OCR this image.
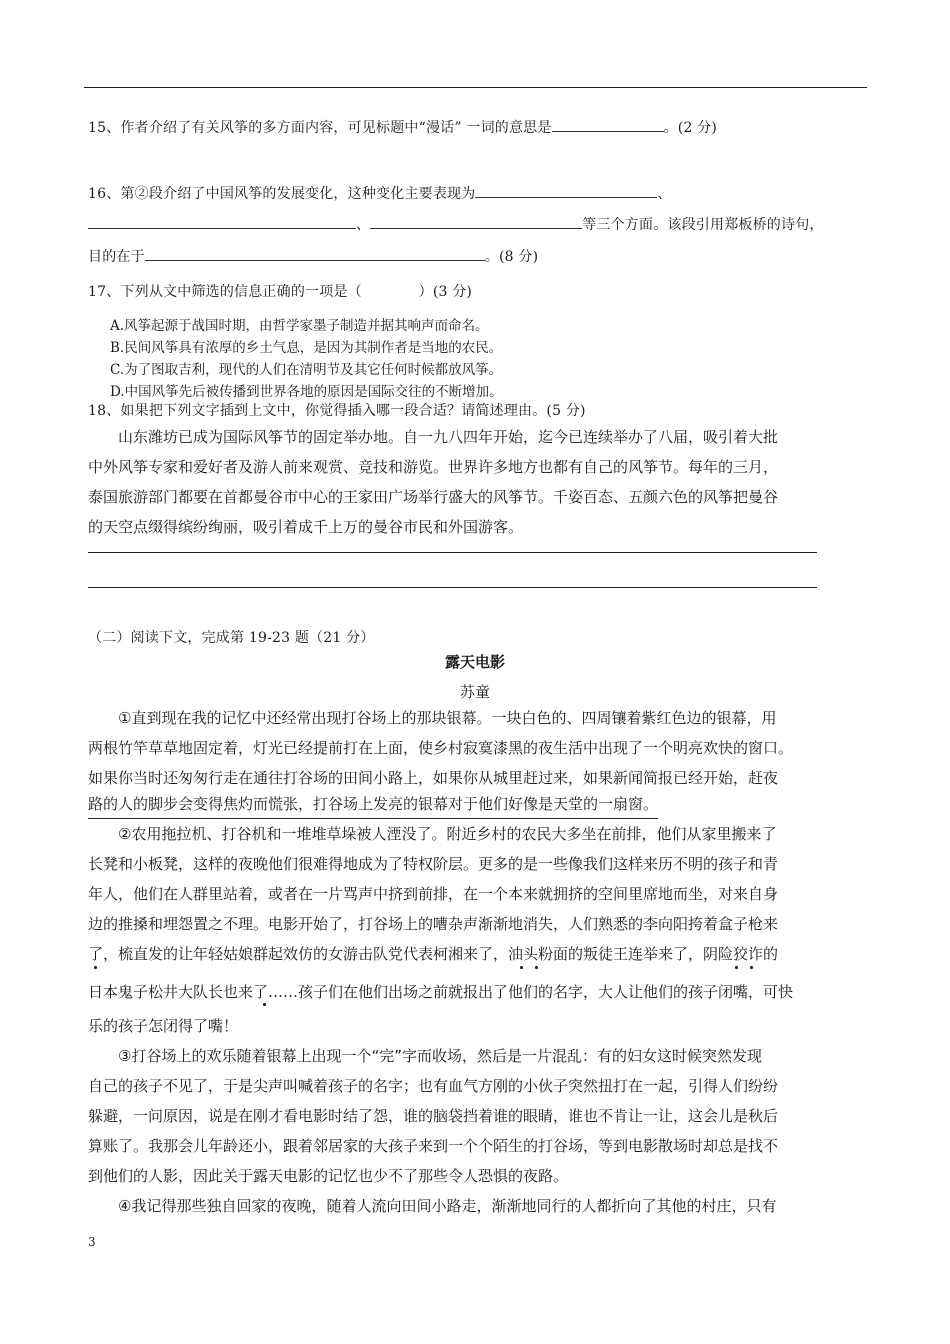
15、作者介绍了有关风筝的多方面内容，可见标题中“漫话” 一词的意思是	。(2 分)
16、第②段介绍了中国风筝的发展变化，这种变化主要表现为	、
、	等三个方面。该段引用郑板桥的诗句，
目的在于	。(8 分)
17、下列从文中筛选的信息正确的一项是（　　　　）(3 分)
A.风筝起源于战国时期，由哲学家墨子制造并据其响声而命名。
B.民间风筝具有浓厚的乡土气息，是因为其制作者是当地的农民。
C.为了图取吉利，现代的人们在清明节及其它任何时候都放风筝。
D.中国风筝先后被传播到世界各地的原因是国际交往的不断增加。
18、如果把下列文字插到上文中，你觉得插入哪一段合适？请简述理由。(5 分)
山东潍坊已成为国际风筝节的固定举办地。自一九八四年开始，迄今已连续举办了八届，吸引着大批
中外风筝专家和爱好者及游人前来观赏、竞技和游览。世界许多地方也都有自己的风筝节。每年的三月，
泰国旅游部门都要在首都曼谷市中心的王家田广场举行盛大的风筝节。千姿百态、五颜六色的风筝把曼谷
的天空点缀得缤纷绚丽，吸引着成千上万的曼谷市民和外国游客。
（二）阅读下文，完成第 19-23 题（21 分）
露天电影
苏童
①直到现在我的记忆中还经常出现打谷场上的那块银幕。一块白色的、四周镶着紫红色边的银幕，用
两根竹竿草草地固定着，灯光已经提前打在上面，使乡村寂寞漆黑的夜生活中出现了一个明亮欢快的窗口。
如果你当时还匆匆行走在通往打谷场的田间小路上，如果你从城里赶过来，如果新闻简报已经开始，赶夜
路的人的脚步会变得焦灼而慌张，打谷场上发亮的银幕对于他们好像是天堂的一扇窗。
②农用拖拉机、打谷机和一堆堆草垛被人湮没了。附近乡村的农民大多坐在前排，他们从家里搬来了
长凳和小板凳，这样的夜晚他们很难得地成为了特权阶层。更多的是一些像我们这样来历不明的孩子和青
年人，他们在人群里站着，或者在一片骂声中挤到前排，在一个本来就拥挤的空间里席地而坐，对来自身
边的推搡和埋怨置之不理。电影开始了，打谷场上的嘈杂声渐渐地消失，人们熟悉的李向阳挎着盒子枪来
了，梳直发的让年轻姑娘群起效仿的女游击队党代表柯湘来了，油头粉面的叛徒王连举来了，阴险狡诈的
日本鬼子松井大队长也来了……孩子们在他们出场之前就报出了他们的名字，大人让他们的孩子闭嘴，可快
乐的孩子怎闭得了嘴！
③打谷场上的欢乐随着银幕上出现一个“完”字而收场，然后是一片混乱：有的妇女这时候突然发现
自己的孩子不见了，于是尖声叫喊着孩子的名字；也有血气方刚的小伙子突然扭打在一起，引得人们纷纷
躲避，一问原因，说是在刚才看电影时结了怨，谁的脑袋挡着谁的眼睛，谁也不肯让一让，这会儿是秋后
算账了。我那会儿年龄还小，跟着邻居家的大孩子来到一个个陌生的打谷场，等到电影散场时却总是找不
到他们的人影，因此关于露天电影的记忆也少不了那些令人恐惧的夜路。
④我记得那些独自回家的夜晚，随着人流向田间小路走，渐渐地同行的人都折向了其他的村庄，只有
3
